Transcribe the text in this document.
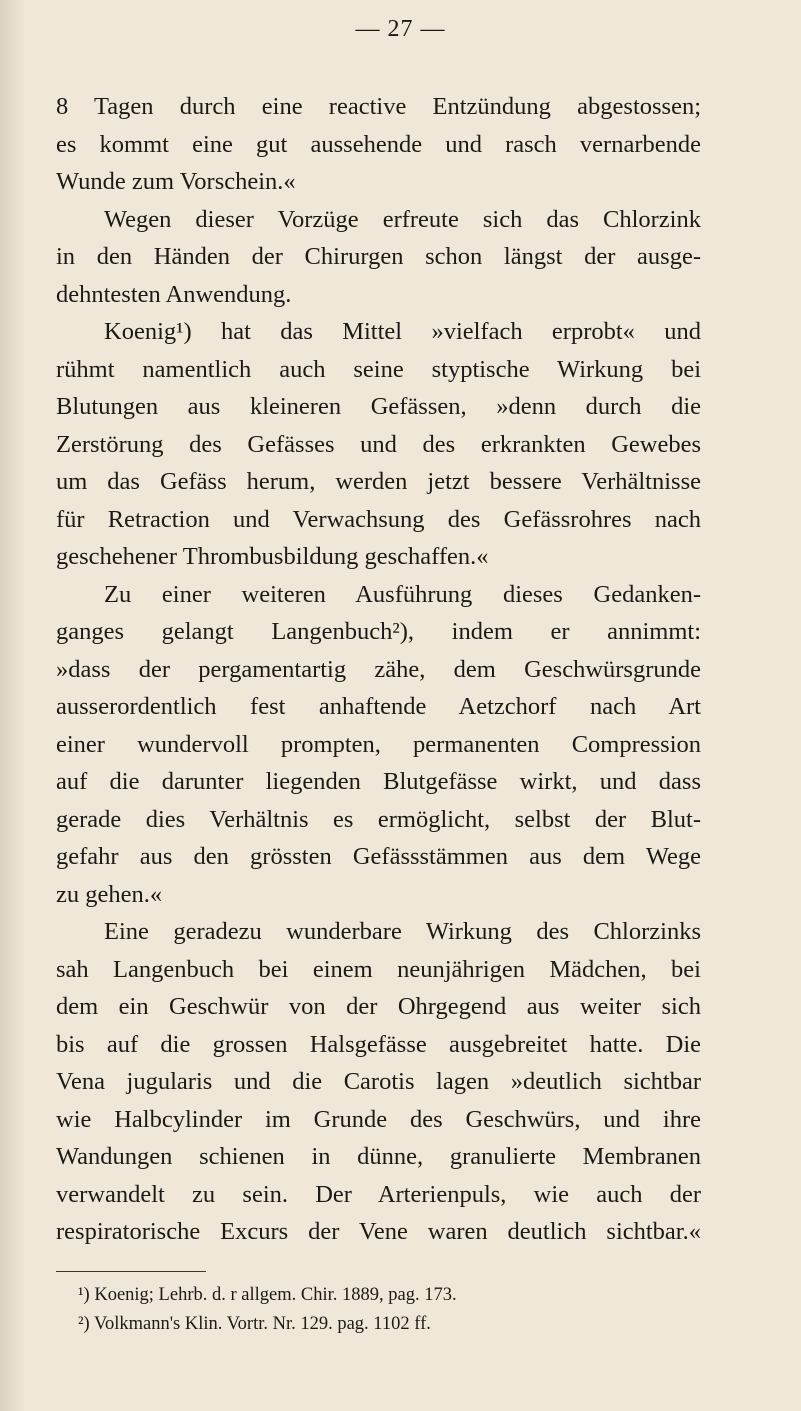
— 27 —
8 Tagen durch eine reactive Entzündung abgestossen;
es kommt eine gut aussehende und rasch vernarbende
Wunde zum Vorschein.«
Wegen dieser Vorzüge erfreute sich das Chlorzink
in den Händen der Chirurgen schon längst der ausge-
dehntesten Anwendung.
Koenig¹) hat das Mittel »vielfach erprobt« und
rühmt namentlich auch seine styptische Wirkung bei
Blutungen aus kleineren Gefässen, »denn durch die
Zerstörung des Gefässes und des erkrankten Gewebes
um das Gefäss herum, werden jetzt bessere Verhältnisse
für Retraction und Verwachsung des Gefässrohres nach
geschehener Thrombusbildung geschaffen.«
Zu einer weiteren Ausführung dieses Gedanken-
ganges gelangt Langenbuch²), indem er annimmt:
»dass der pergamentartig zähe, dem Geschwürsgrunde
ausserordentlich fest anhaftende Aetzchorf nach Art
einer wundervoll prompten, permanenten Compression
auf die darunter liegenden Blutgefässe wirkt, und dass
gerade dies Verhältnis es ermöglicht, selbst der Blut-
gefahr aus den grössten Gefässstämmen aus dem Wege
zu gehen.«
Eine geradezu wunderbare Wirkung des Chlorzinks
sah Langenbuch bei einem neunjährigen Mädchen, bei
dem ein Geschwür von der Ohrgegend aus weiter sich
bis auf die grossen Halsgefässe ausgebreitet hatte. Die
Vena jugularis und die Carotis lagen »deutlich sichtbar
wie Halbcylinder im Grunde des Geschwürs, und ihre
Wandungen schienen in dünne, granulierte Membranen
verwandelt zu sein. Der Arterienpuls, wie auch der
respiratorische Excurs der Vene waren deutlich sichtbar.«
¹) Koenig; Lehrb. d. r allgem. Chir. 1889, pag. 173.
²) Volkmann's Klin. Vortr. Nr. 129. pag. 1102 ff.
